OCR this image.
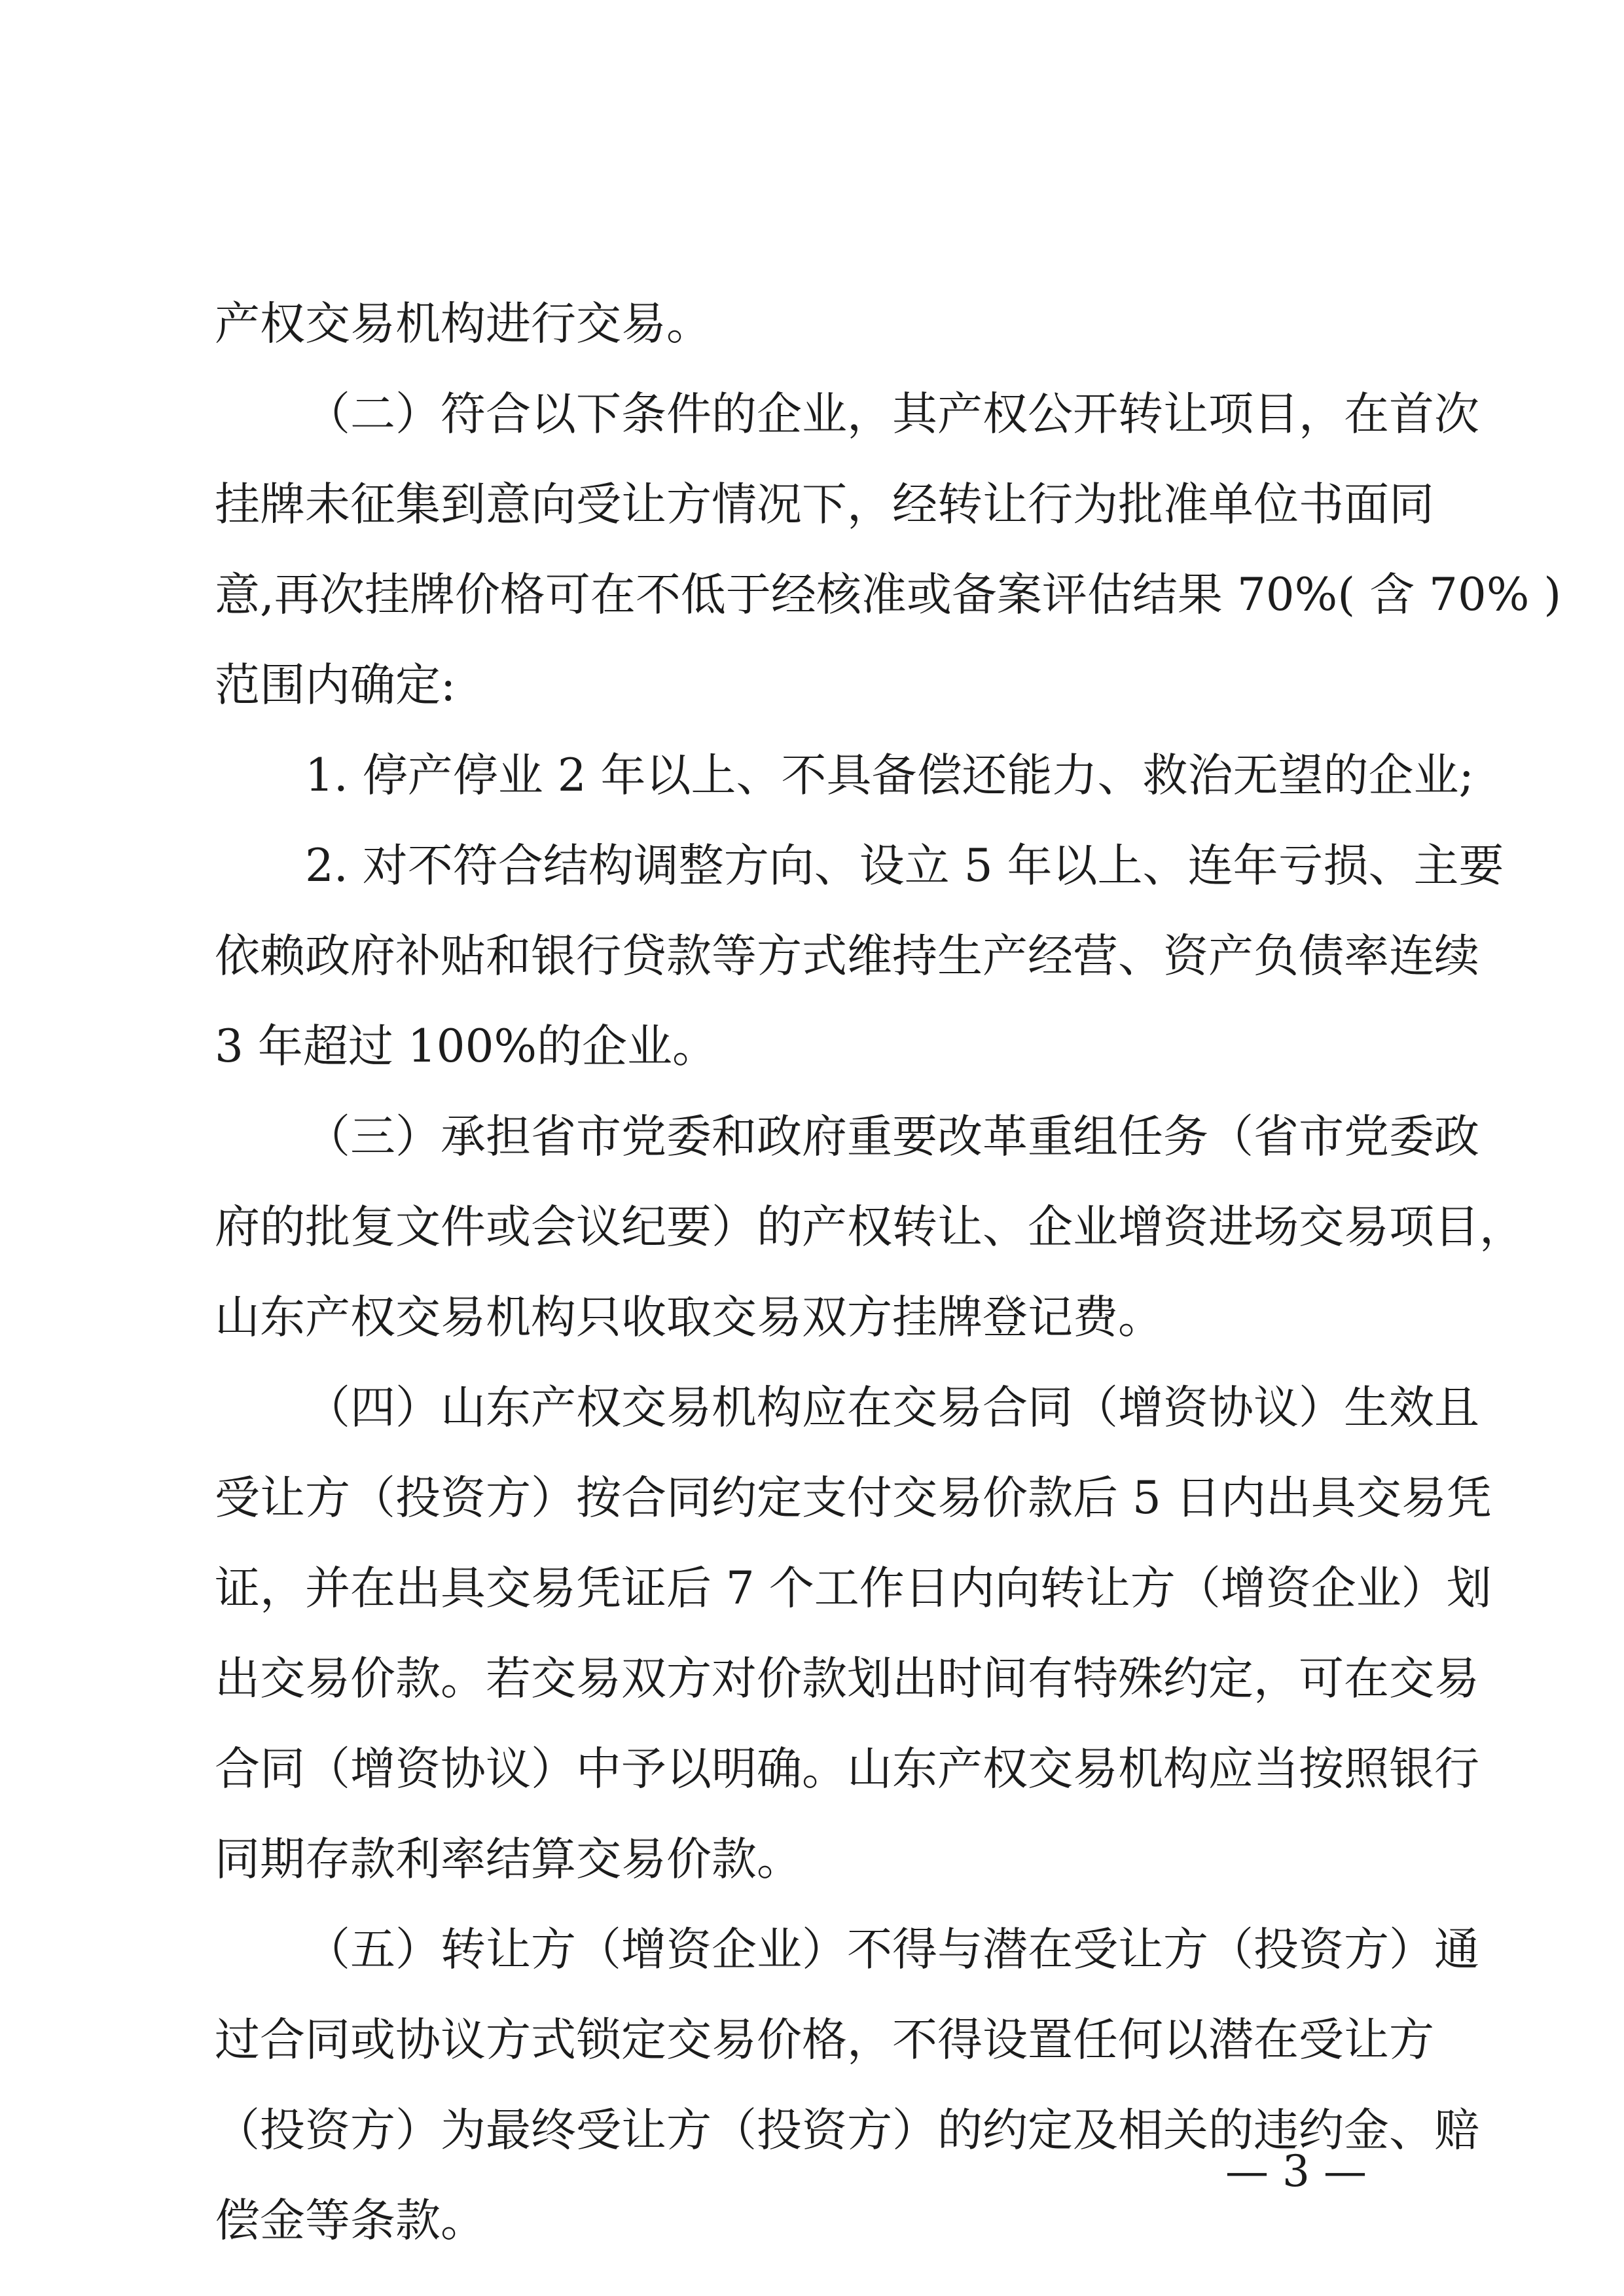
产权交易机构进行交易。
（二）符合以下条件的企业，其产权公开转让项目，在首次
挂牌未征集到意向受让方情况下，经转让行为批准单位书面同
意,再次挂牌价格可在不低于经核准或备案评估结果 70%( 含 70% )
范围内确定:
1. 停产停业 2 年以上、不具备偿还能力、救治无望的企业;
2. 对不符合结构调整方向、设立 5 年以上、连年亏损、主要
依赖政府补贴和银行贷款等方式维持生产经营、资产负债率连续
3 年超过 100%的企业。
（三）承担省市党委和政府重要改革重组任务（省市党委政
府的批复文件或会议纪要）的产权转让、企业增资进场交易项目，
山东产权交易机构只收取交易双方挂牌登记费。
（四）山东产权交易机构应在交易合同（增资协议）生效且
受让方（投资方）按合同约定支付交易价款后 5 日内出具交易凭
证，并在出具交易凭证后 7 个工作日内向转让方（增资企业）划
出交易价款。若交易双方对价款划出时间有特殊约定，可在交易
合同（增资协议）中予以明确。山东产权交易机构应当按照银行
同期存款利率结算交易价款。
（五）转让方（增资企业）不得与潜在受让方（投资方）通
过合同或协议方式锁定交易价格，不得设置任何以潜在受让方
（投资方）为最终受让方（投资方）的约定及相关的违约金、赔
偿金等条款。
— 3 —
